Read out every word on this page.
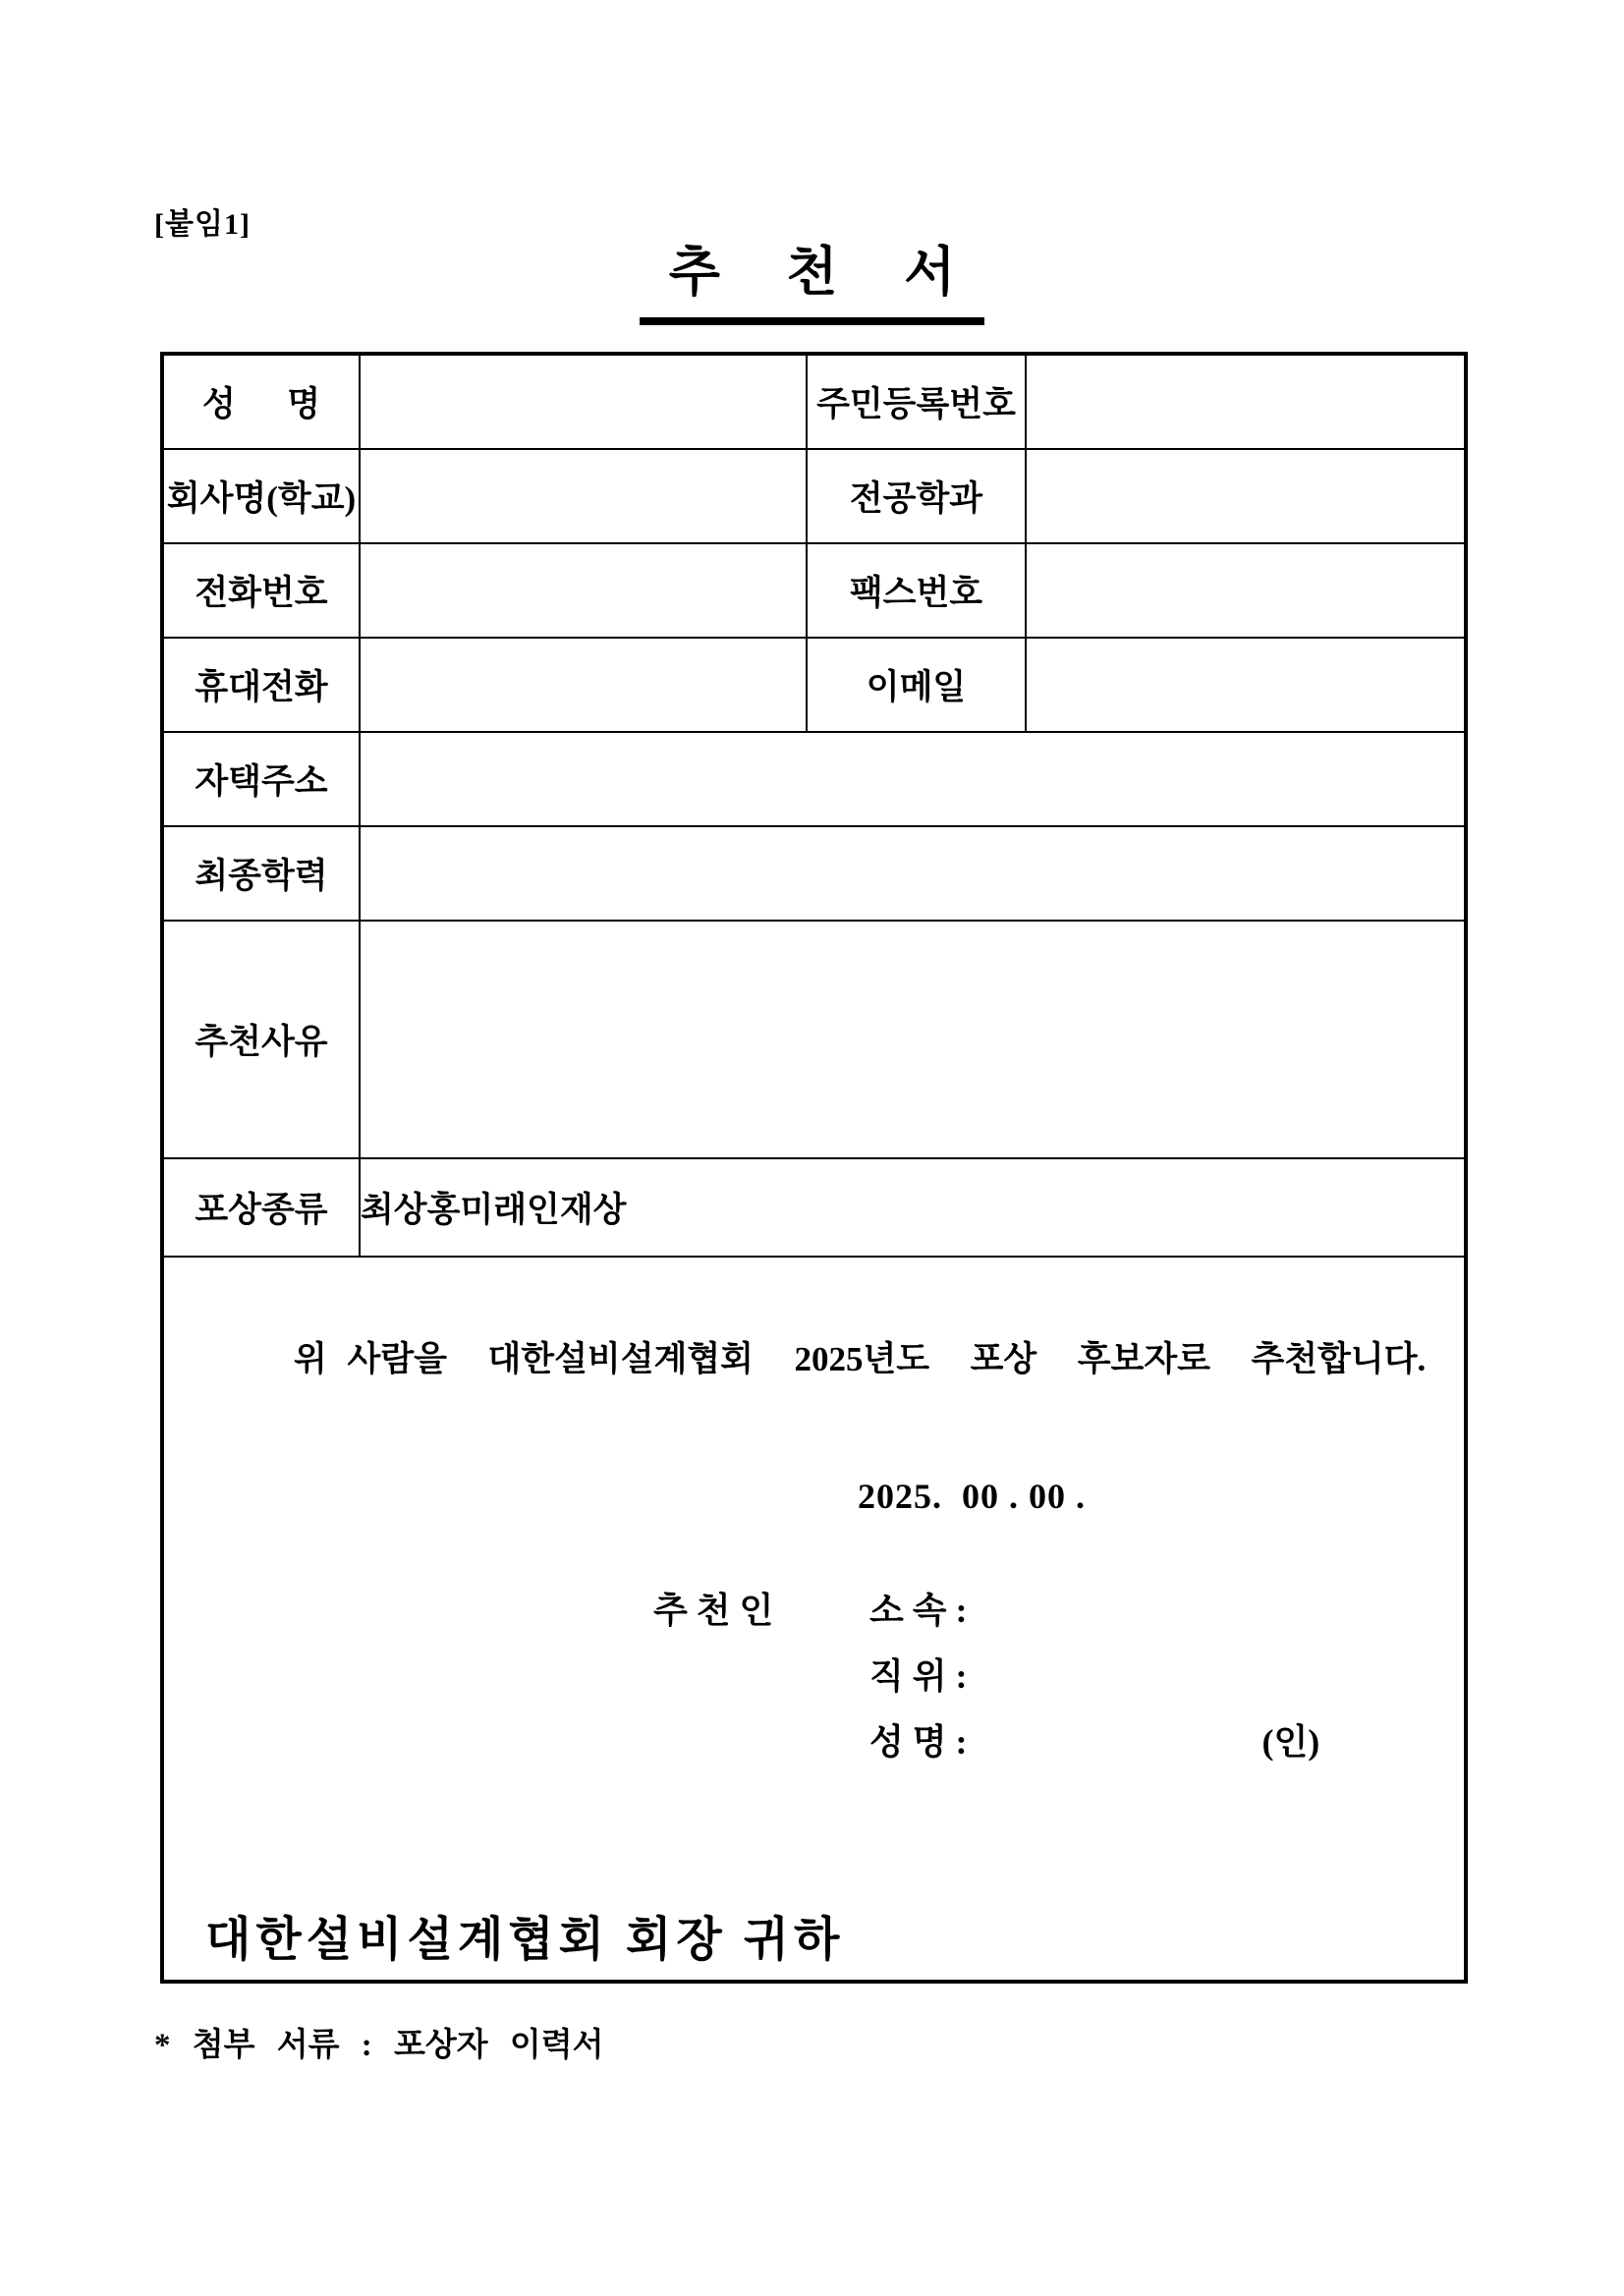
[붙임1]
추     천     서
성      명		주민등록번호	
회사명(학교)		전공학과	
전화번호		팩스번호	
휴대전화		이메일	
자택주소			
최종학력			
추천사유			
포상종류	최상홍미래인재상		

위 사람을  대한설비설계협회  2025년도  포상  후보자로  추천합니다.
2025.  00 . 00 .
추 천 인	소 속 :
직 위 :
성 명 :	(인)
대한설비설계협회 회장 귀하
* 첨부 서류 : 포상자 이력서
